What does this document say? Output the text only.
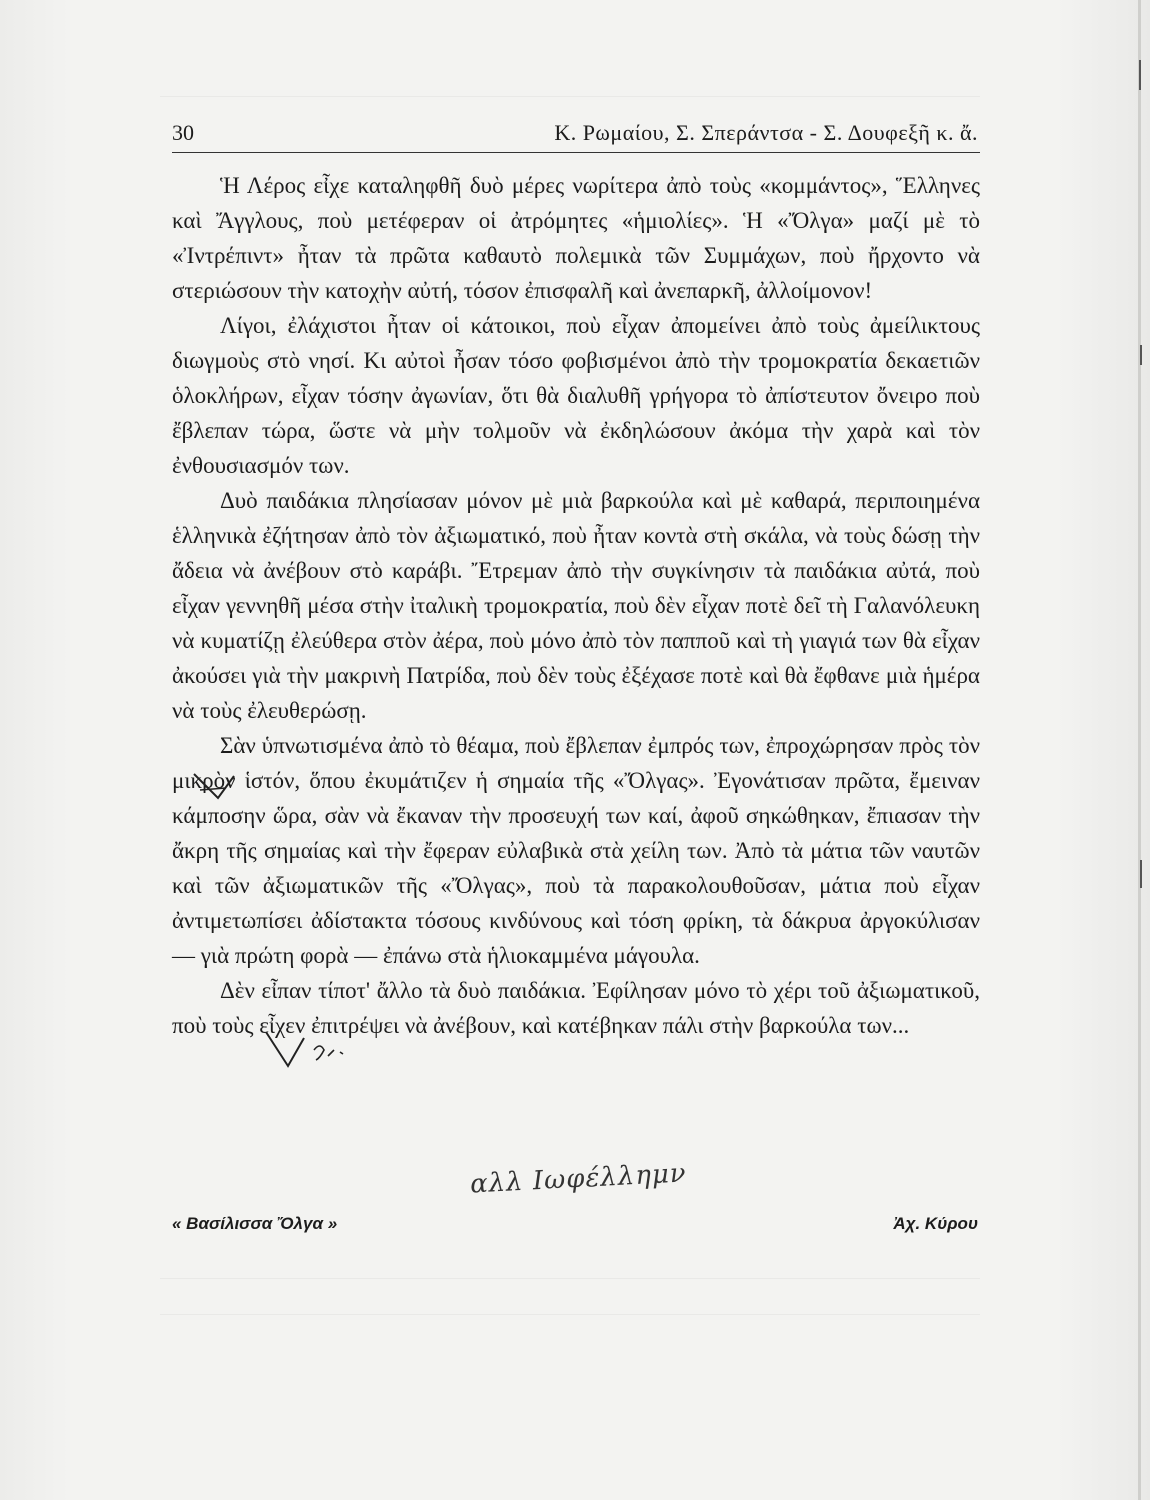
30	Κ. Ρωμαίου, Σ. Σπεράντσα - Σ. Δουφεξῆ κ. ἄ.

Ἡ Λέρος εἶχε καταληφθῆ δυὸ μέρες νωρίτερα ἀπὸ τοὺς «κομμάντος», Ἕλληνες καὶ Ἄγγλους, ποὺ μετέφεραν οἱ ἀτρόμητες «ἡμιολίες». Ἡ «Ὄλγα» μαζί μὲ τὸ «Ἰντρέπιντ» ἦταν τὰ πρῶτα καθαυτὸ πολεμικὰ τῶν Συμμάχων, ποὺ ἤρχοντο νὰ στεριώσουν τὴν κατοχὴν αὐτή, τόσον ἐπισφαλῆ καὶ ἀνεπαρκῆ, ἀλλοίμονον!

Λίγοι, ἐλάχιστοι ἦταν οἱ κάτοικοι, ποὺ εἶχαν ἀπομείνει ἀπὸ τοὺς ἀμείλικτους διωγμοὺς στὸ νησί. Κι αὐτοὶ ἦσαν τόσο φοβισμένοι ἀπὸ τὴν τρομοκρατία δεκαετιῶν ὁλοκλήρων, εἶχαν τόσην ἀγωνίαν, ὅτι θὰ διαλυθῆ γρήγορα τὸ ἀπίστευτον ὄνειρο ποὺ ἔβλεπαν τώρα, ὥστε νὰ μὴν τολμοῦν νὰ ἐκδηλώσουν ἀκόμα τὴν χαρὰ καὶ τὸν ἐνθουσιασμόν των.

Δυὸ παιδάκια πλησίασαν μόνον μὲ μιὰ βαρκούλα καὶ μὲ καθαρά, περιποιημένα ἑλληνικὰ ἐζήτησαν ἀπὸ τὸν ἀξιωματικό, ποὺ ἦταν κοντὰ στὴ σκάλα, νὰ τοὺς δώσῃ τὴν ἄδεια νὰ ἀνέβουν στὸ καράβι. Ἔτρεμαν ἀπὸ τὴν συγκίνησιν τὰ παιδάκια αὐτά, ποὺ εἶχαν γεννηθῆ μέσα στὴν ἰταλικὴ τρομοκρατία, ποὺ δὲν εἶχαν ποτὲ δεῖ τὴ Γαλανόλευκη νὰ κυματίζῃ ἐλεύθερα στὸν ἀέρα, ποὺ μόνο ἀπὸ τὸν παπποῦ καὶ τὴ γιαγιά των θὰ εἶχαν ἀκούσει γιὰ τὴν μακρινὴ Πατρίδα, ποὺ δὲν τοὺς ἐξέχασε ποτὲ καὶ θὰ ἔφθανε μιὰ ἡμέρα νὰ τοὺς ἐλευθερώσῃ.

Σὰν ὑπνωτισμένα ἀπὸ τὸ θέαμα, ποὺ ἔβλεπαν ἐμπρός των, ἐπροχώρησαν πρὸς τὸν μικρὸν ἱστόν, ὅπου ἐκυμάτιζεν ἡ σημαία τῆς «Ὄλγας». Ἐγονάτισαν πρῶτα, ἔμειναν κάμποσην ὥρα, σὰν νὰ ἔκαναν τὴν προσευχή των καί, ἀφοῦ σηκώθηκαν, ἔπιασαν τὴν ἄκρη τῆς σημαίας καὶ τὴν ἔφεραν εὐλαβικὰ στὰ χείλη των. Ἀπὸ τὰ μάτια τῶν ναυτῶν καὶ τῶν ἀξιωματικῶν τῆς «Ὄλγας», ποὺ τὰ παρακολουθοῦσαν, μάτια ποὺ εἶχαν ἀντιμετωπίσει ἀδίστακτα τόσους κινδύνους καὶ τόση φρίκη, τὰ δάκρυα ἀργοκύλισαν — γιὰ πρώτη φορὰ — ἐπάνω στὰ ἡλιοκαμμένα μάγουλα.

Δὲν εἶπαν τίποτ' ἄλλο τὰ δυὸ παιδάκια. Ἐφίλησαν μόνο τὸ χέρι τοῦ ἀξιωματικοῦ, ποὺ τοὺς εἶχεν ἐπιτρέψει νὰ ἀνέβουν, καὶ κατέβηκαν πάλι στὴν βαρκούλα των...

αλλ Ιωφέλλημν
« Βασίλισσα Ὄλγα »	Ἀχ. Κύρου
